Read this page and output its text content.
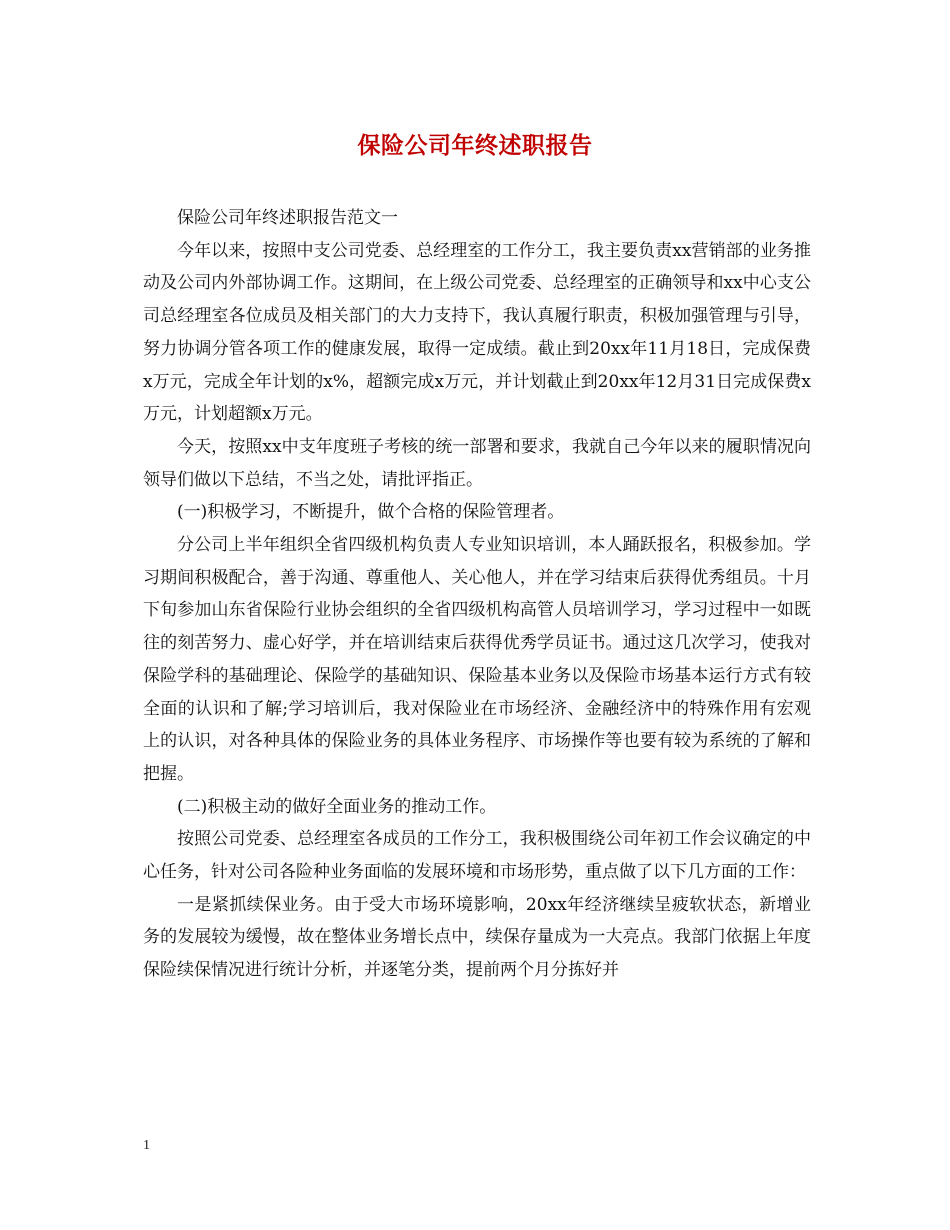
保险公司年终述职报告

保险公司年终述职报告范文一

今年以来，按照中支公司党委、总经理室的工作分工，我主要负责xx营销部的业务推动及公司内外部协调工作。这期间，在上级公司党委、总经理室的正确领导和xx中心支公司总经理室各位成员及相关部门的大力支持下，我认真履行职责，积极加强管理与引导，努力协调分管各项工作的健康发展，取得一定成绩。截止到20xx年11月18日，完成保费x万元，完成全年计划的x%，超额完成x万元，并计划截止到20xx年12月31日完成保费x万元，计划超额x万元。

今天，按照xx中支年度班子考核的统一部署和要求，我就自己今年以来的履职情况向领导们做以下总结，不当之处，请批评指正。

(一)积极学习，不断提升，做个合格的保险管理者。

分公司上半年组织全省四级机构负责人专业知识培训，本人踊跃报名，积极参加。学习期间积极配合，善于沟通、尊重他人、关心他人，并在学习结束后获得优秀组员。十月下旬参加山东省保险行业协会组织的全省四级机构高管人员培训学习，学习过程中一如既往的刻苦努力、虚心好学，并在培训结束后获得优秀学员证书。通过这几次学习，使我对保险学科的基础理论、保险学的基础知识、保险基本业务以及保险市场基本运行方式有较全面的认识和了解;学习培训后，我对保险业在市场经济、金融经济中的特殊作用有宏观上的认识，对各种具体的保险业务的具体业务程序、市场操作等也要有较为系统的了解和把握。

(二)积极主动的做好全面业务的推动工作。

按照公司党委、总经理室各成员的工作分工，我积极围绕公司年初工作会议确定的中心任务，针对公司各险种业务面临的发展环境和市场形势，重点做了以下几方面的工作：

一是紧抓续保业务。由于受大市场环境影响，20xx年经济继续呈疲软状态，新增业务的发展较为缓慢，故在整体业务增长点中，续保存量成为一大亮点。我部门依据上年度保险续保情况进行统计分析，并逐笔分类，提前两个月分拣好并

1
